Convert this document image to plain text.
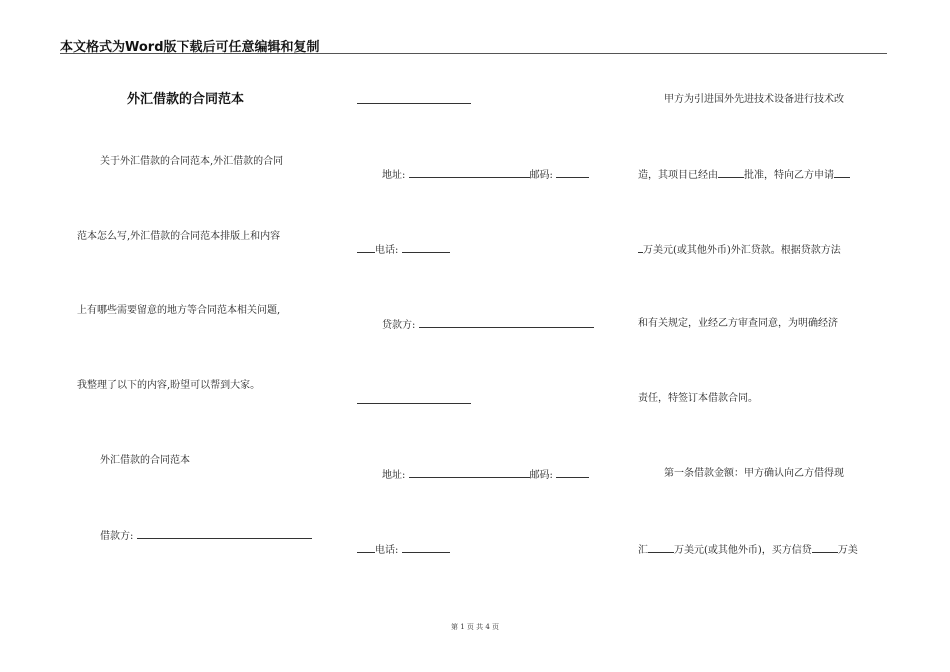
本文格式为Word版下载后可任意编辑和复制
外汇借款的合同范本
关于外汇借款的合同范本,外汇借款的合同
范本怎么写,外汇借款的合同范本排版上和内容
上有哪些需要留意的地方等合同范本相关问题,
我整理了以下的内容,盼望可以帮到大家。
外汇借款的合同范本
借款方:
地址:	邮码:
电话:
贷款方:
地址:	邮码:
电话:
甲方为引进国外先进技术设备进行技术改
造，其项目已经由	批准，特向乙方申请
万美元(或其他外币)外汇贷款。根据贷款方法
和有关规定，业经乙方审查同意，为明确经济
责任，特签订本借款合同。
第一条借款金额：甲方确认向乙方借得现
汇	万美元(或其他外币)，买方信贷	万美
第 1 页 共 4 页
